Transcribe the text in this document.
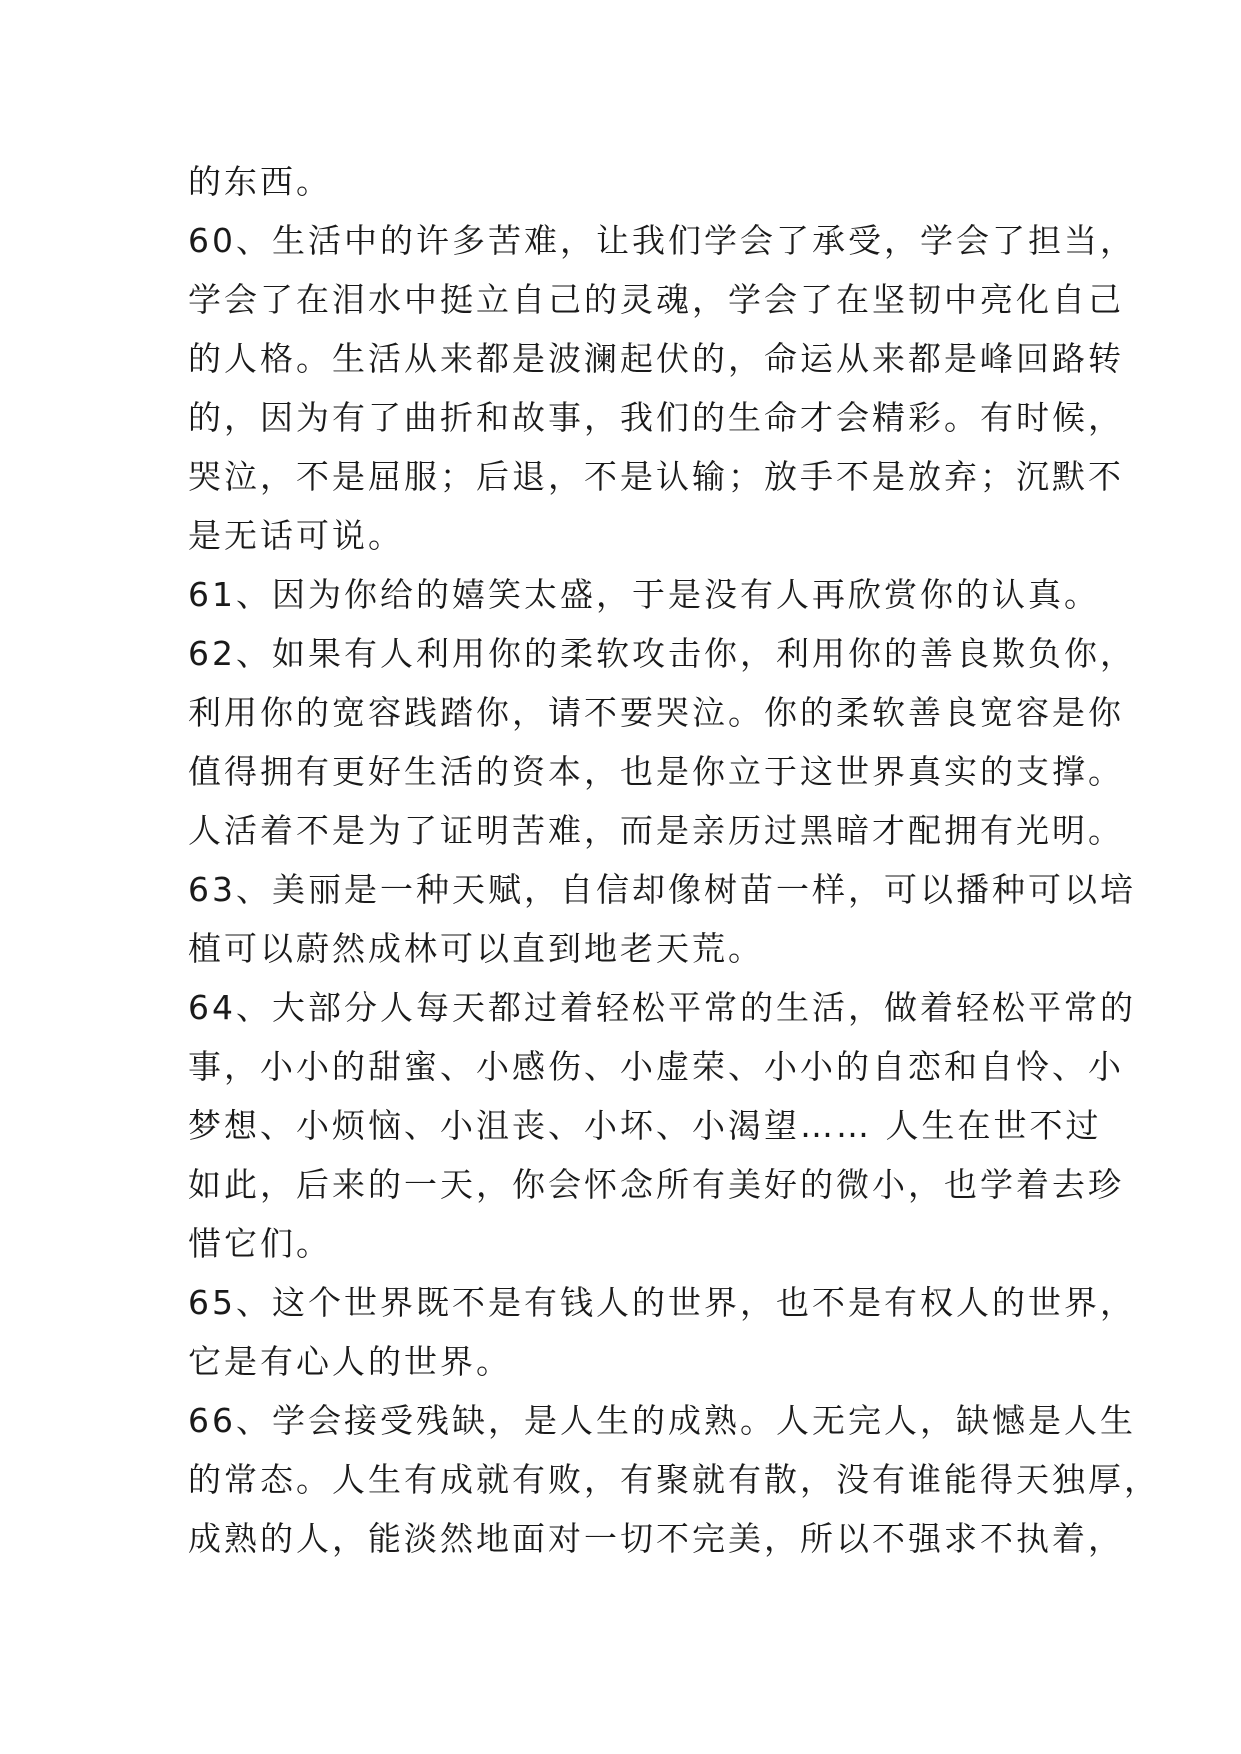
的东西。
60、生活中的许多苦难，让我们学会了承受，学会了担当，
学会了在泪水中挺立自己的灵魂，学会了在坚韧中亮化自己
的人格。生活从来都是波澜起伏的，命运从来都是峰回路转
的，因为有了曲折和故事，我们的生命才会精彩。有时候，
哭泣，不是屈服；后退，不是认输；放手不是放弃；沉默不
是无话可说。
61、因为你给的嬉笑太盛，于是没有人再欣赏你的认真。
62、如果有人利用你的柔软攻击你，利用你的善良欺负你，
利用你的宽容践踏你，请不要哭泣。你的柔软善良宽容是你
值得拥有更好生活的资本，也是你立于这世界真实的支撑。
人活着不是为了证明苦难，而是亲历过黑暗才配拥有光明。
63、美丽是一种天赋，自信却像树苗一样，可以播种可以培
植可以蔚然成林可以直到地老天荒。
64、大部分人每天都过着轻松平常的生活，做着轻松平常的
事，小小的甜蜜、小感伤、小虚荣、小小的自恋和自怜、小
梦想、小烦恼、小沮丧、小坏、小渴望…… 人生在世不过
如此，后来的一天，你会怀念所有美好的微小，也学着去珍
惜它们。
65、这个世界既不是有钱人的世界，也不是有权人的世界，
它是有心人的世界。
66、学会接受残缺，是人生的成熟。人无完人，缺憾是人生
的常态。人生有成就有败，有聚就有散，没有谁能得天独厚，
成熟的人，能淡然地面对一切不完美，所以不强求不执着，
